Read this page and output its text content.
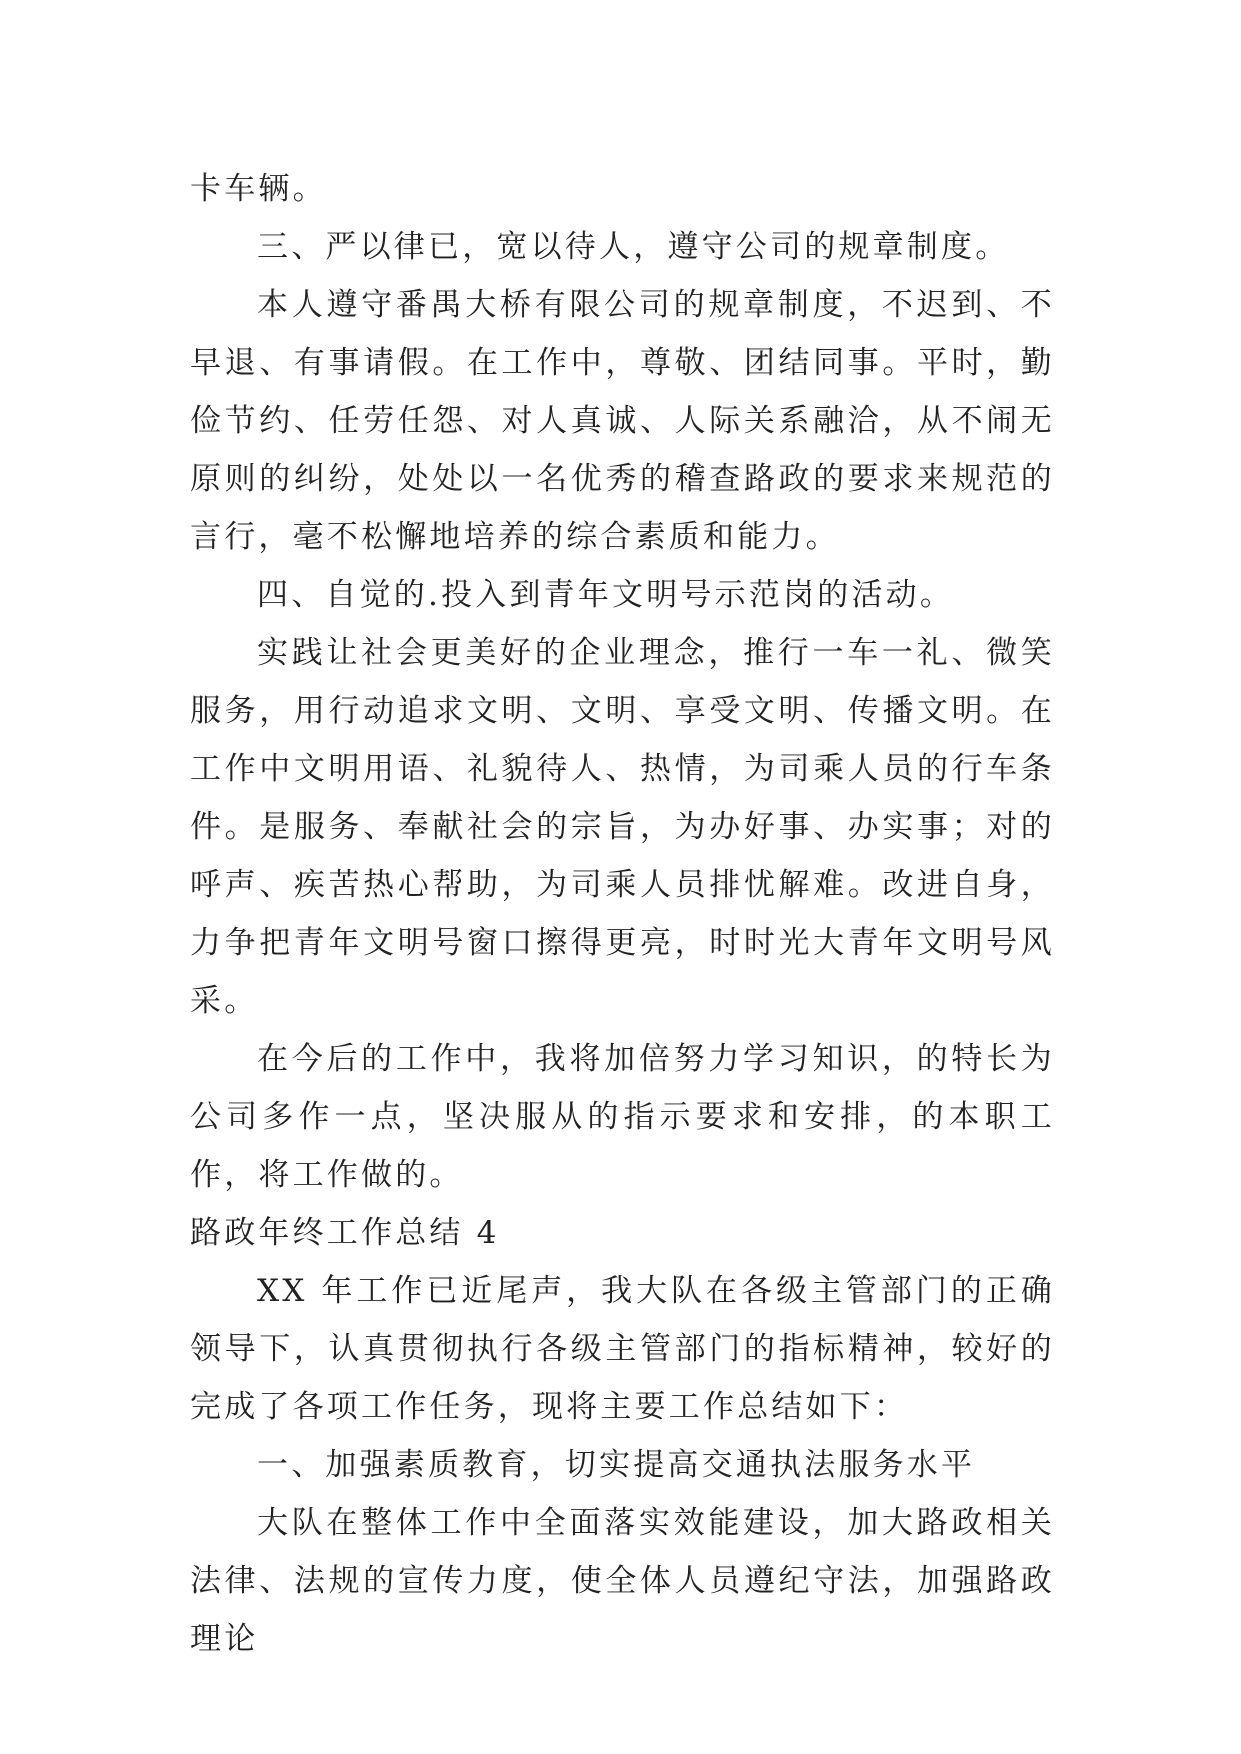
卡车辆。

三、严以律已，宽以待人，遵守公司的规章制度。

本人遵守番禺大桥有限公司的规章制度，不迟到、不早退、有事请假。在工作中，尊敬、团结同事。平时，勤俭节约、任劳任怨、对人真诚、人际关系融洽，从不闹无原则的纠纷，处处以一名优秀的稽查路政的要求来规范的言行，毫不松懈地培养的综合素质和能力。

四、自觉的.投入到青年文明号示范岗的活动。

实践让社会更美好的企业理念，推行一车一礼、微笑服务，用行动追求文明、文明、享受文明、传播文明。在工作中文明用语、礼貌待人、热情，为司乘人员的行车条件。是服务、奉献社会的宗旨，为办好事、办实事；对的呼声、疾苦热心帮助，为司乘人员排忧解难。改进自身，力争把青年文明号窗口擦得更亮，时时光大青年文明号风采。

在今后的工作中，我将加倍努力学习知识，的特长为公司多作一点，坚决服从的指示要求和安排，的本职工作，将工作做的。

路政年终工作总结 4

XX 年工作已近尾声，我大队在各级主管部门的正确领导下，认真贯彻执行各级主管部门的指标精神，较好的完成了各项工作任务，现将主要工作总结如下：

一、加强素质教育，切实提高交通执法服务水平

大队在整体工作中全面落实效能建设，加大路政相关法律、法规的宣传力度，使全体人员遵纪守法，加强路政理论
